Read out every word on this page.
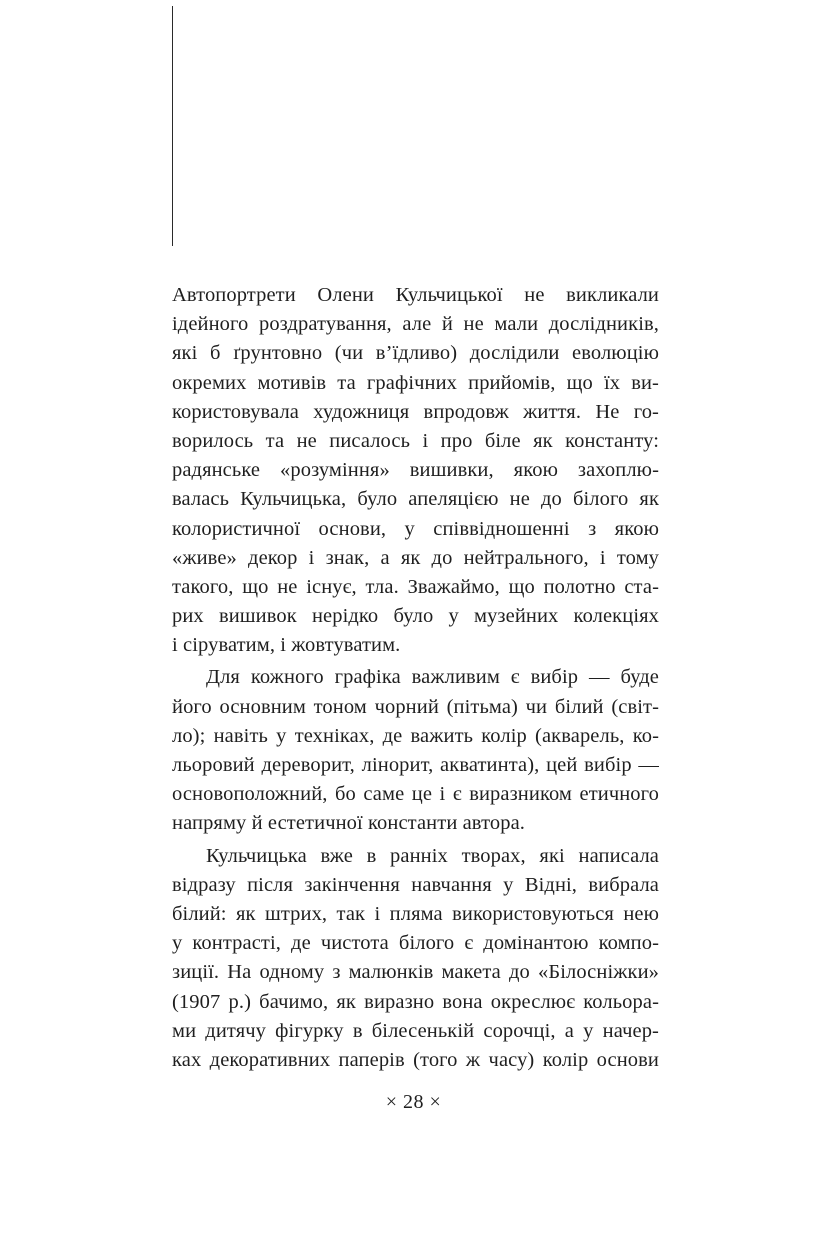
Автопортрети Олени Кульчицької не викликали
ідейного роздратування, але й не мали дослідників,
які б ґрунтовно (чи в’їдливо) дослідили еволюцію
окремих мотивів та графічних прийомів, що їх ви-
користовувала художниця впродовж життя. Не го-
ворилось та не писалось і про біле як константу:
радянське «розуміння» вишивки, якою захоплю-
валась Кульчицька, було апеляцією не до білого як
колористичної основи, у співвідношенні з якою
«живе» декор і знак, а як до нейтрального, і тому
такого, що не існує, тла. Зважаймо, що полотно ста-
рих вишивок нерідко було у музейних колекціях
і сіруватим, і жовтуватим.
Для кожного графіка важливим є вибір — буде
його основним тоном чорний (пітьма) чи білий (світ-
ло); навіть у техніках, де важить колір (акварель, ко-
льоровий дереворит, лінорит, акватинта), цей вибір —
основоположний, бо саме це і є виразником етичного
напряму й естетичної константи автора.
Кульчицька вже в ранніх творах, які написала
відразу після закінчення навчання у Відні, вибрала
білий: як штрих, так і пляма використовуються нею
у контрасті, де чистота білого є домінантою компо-
зиції. На одному з малюнків макета до «Білосніжки»
(1907 р.) бачимо, як виразно вона окреслює кольора-
ми дитячу фігурку в білесенькій сорочці, а у начер-
ках декоративних паперів (того ж часу) колір основи
× 28 ×
